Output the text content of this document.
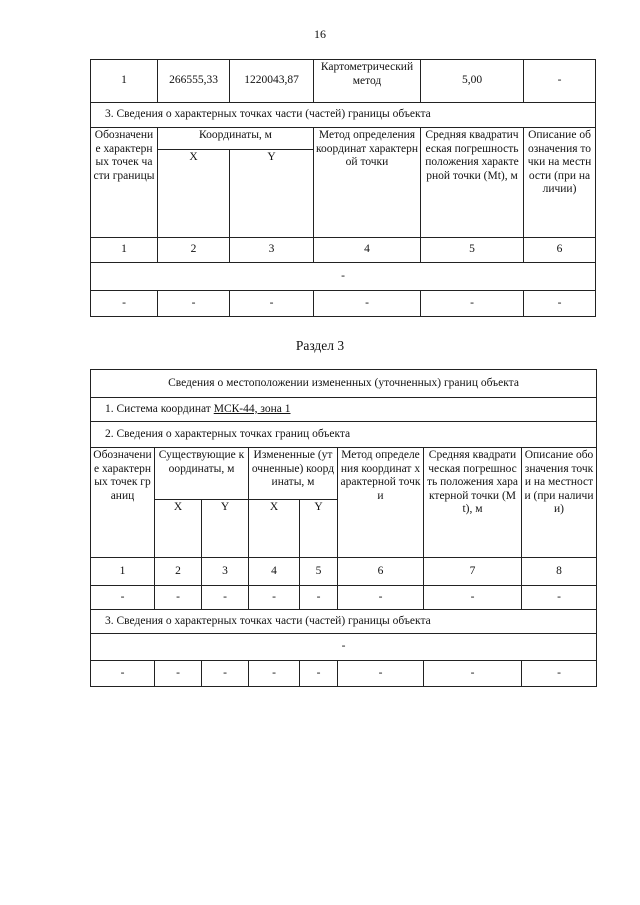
16
1	266555,33	1220043,87	Картометрический метод	5,00	-
3. Сведения о характерных точках части (частей) границы объекта					
Обозначение характерных точек части границы	Координаты, м		Метод определения координат характерной точки	Средняя квадратическая погрешность положения характерной точки (Mt), м	Описание обозначения точки на местности (при наличии)
	X	Y			
1	2	3	4	5	6
-					
-	-	-	-	-	-
Раздел 3
Сведения о местоположении измененных (уточненных) границ объекта							
1. Система координат МСК-44, зона 1							
2. Сведения о характерных точках границ объекта							
Обозначение характерных точек границ	Существующие координаты, м		Измененные (уточненные) координаты, м		Метод определения координат характерной точки	Средняя квадратическая погрешность положения характерной точки (Mt), м	Описание обозначения точки на местности (при наличии)
	X	Y	X	Y			
1	2	3	4	5	6	7	8
-	-	-	-	-	-	-	-
3. Сведения о характерных точках части (частей) границы объекта							
-							
-	-	-	-	-	-	-	-
